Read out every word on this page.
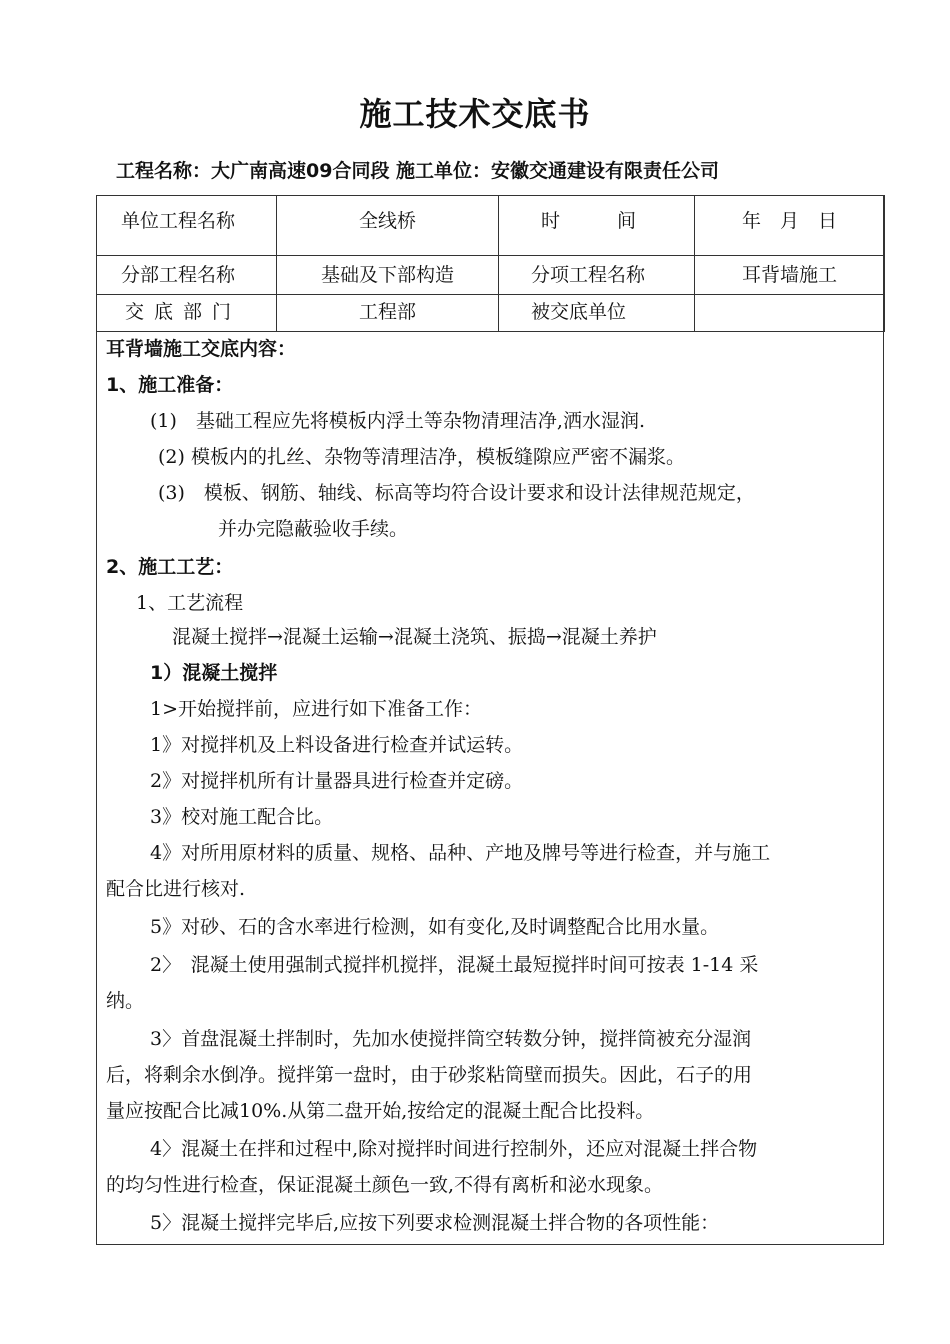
施工技术交底书
工程名称：大广南高速09合同段 施工单位：安徽交通建设有限责任公司
单位工程名称	全线桥	时　　　间	年　月　日
分部工程名称	基础及下部构造	分项工程名称	耳背墙施工
交底部门	工程部	被交底单位	
耳背墙施工交底内容：
1、施工准备：
(1)　基础工程应先将模板内浮土等杂物清理洁净,洒水湿润.
(2) 模板内的扎丝、杂物等清理洁净，模板缝隙应严密不漏浆。
(3)　模板、钢筋、轴线、标高等均符合设计要求和设计法律规范规定，
并办完隐蔽验收手续。
2、施工工艺：
1、工艺流程
混凝土搅拌→混凝土运输→混凝土浇筑、振捣→混凝土养护
1）混凝土搅拌
1>开始搅拌前，应进行如下准备工作：
1》对搅拌机及上料设备进行检查并试运转。
2》对搅拌机所有计量器具进行检查并定磅。
3》校对施工配合比。
4》对所用原材料的质量、规格、品种、产地及牌号等进行检查，并与施工
配合比进行核对.
5》对砂、石的含水率进行检测，如有变化,及时调整配合比用水量。
2〉　混凝土使用强制式搅拌机搅拌，混凝土最短搅拌时间可按表 1-14 采
纳。
3〉首盘混凝土拌制时，先加水使搅拌筒空转数分钟，搅拌筒被充分湿润
后，将剩余水倒净。搅拌第一盘时，由于砂浆粘筒壁而损失。因此，石子的用
量应按配合比减10%.从第二盘开始,按给定的混凝土配合比投料。
4〉混凝土在拌和过程中,除对搅拌时间进行控制外，还应对混凝土拌合物
的均匀性进行检查，保证混凝土颜色一致,不得有离析和泌水现象。
5〉混凝土搅拌完毕后,应按下列要求检测混凝土拌合物的各项性能：
